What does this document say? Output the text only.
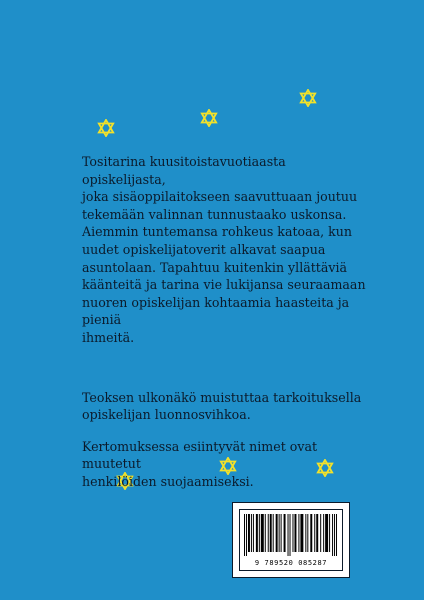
Tositarina kuusitoistavuotiaasta opiskelijasta,
joka sisäoppilaitokseen saavuttuaan joutuu
tekemään valinnan tunnustaako uskonsa.
Aiemmin tuntemansa rohkeus katoaa, kun
uudet opiskelijatoverit alkavat saapua
asuntolaan. Tapahtuu kuitenkin yllättäviä
käänteitä ja tarina vie lukijansa seuraamaan
nuoren opiskelijan kohtaamia haasteita ja pieniä
ihmeitä.

Teoksen ulkonäkö muistuttaa tarkoituksella
opiskelijan luonnosvihkoa.

Kertomuksessa esiintyvät nimet ovat muutetut
henkilöiden suojaamiseksi.

9 789520 085287
